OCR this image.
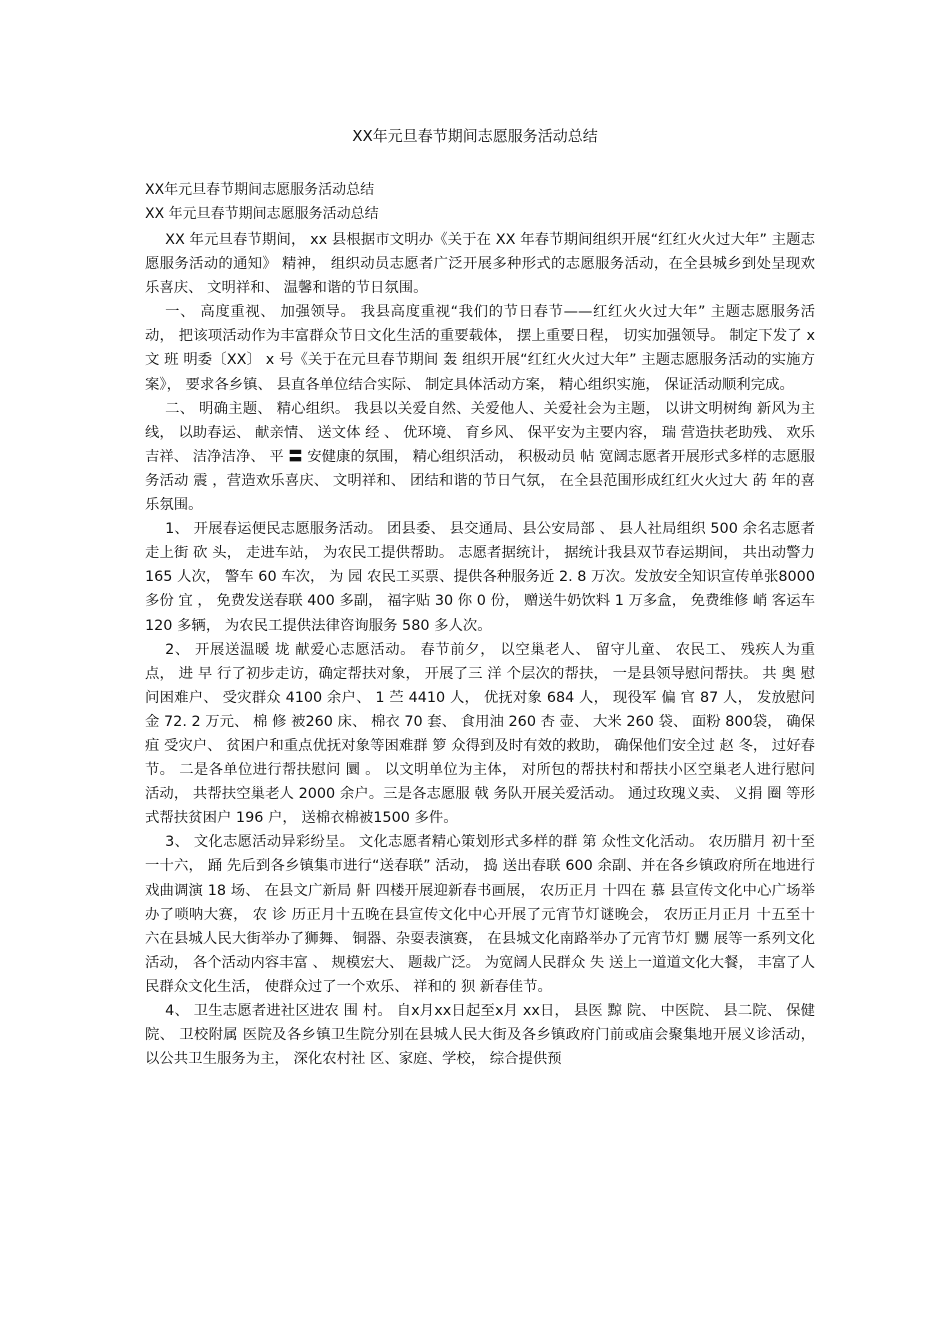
XX年元旦春节期间志愿服务活动总结
XX年元旦春节期间志愿服务活动总结
XX 年元旦春节期间志愿服务活动总结

XX 年元旦春节期间， xx 县根据市文明办《关于在 XX 年春节期间组织开展“红红火火过大年” 主题志愿服务活动的通知》 精神， 组织动员志愿者广泛开展多种形式的志愿服务活动，在全县城乡到处呈现欢乐喜庆、 文明祥和、 温馨和谐的节日氛围。

一、 高度重视、 加强领导。 我县高度重视“我们的节日春节——红红火火过大年” 主题志愿服务活动， 把该项活动作为丰富群众节日文化生活的重要载体， 摆上重要日程， 切实加强领导。 制定下发了 x 文 班 明委〔XX〕 x 号《关于在元旦春节期间 轰 组织开展“红红火火过大年” 主题志愿服务活动的实施方案》， 要求各乡镇、 县直各单位结合实际、 制定具体活动方案， 精心组织实施， 保证活动顺利完成。

二、 明确主题、 精心组织。 我县以关爱自然、关爱他人、关爱社会为主题， 以讲文明树绚 新风为主线， 以助春运、 献亲情、 送文体 经 、 优环境、 育乡风、 保平安为主要内容， 瑞 营造扶老助残、 欢乐吉祥、 洁净洁净、 平 〓 安健康的氛围， 精心组织活动， 积极动员 帖 宽阔志愿者开展形式多样的志愿服务活动 震 ，营造欢乐喜庆、 文明祥和、 团结和谐的节日气氛， 在全县范围形成红红火火过大 菂 年的喜乐氛围。

1、 开展春运便民志愿服务活动。 团县委、 县交通局、县公安局部 、 县人社局组织 500 余名志愿者走上街 砍 头， 走进车站， 为农民工提供帮助。 志愿者据统计， 据统计我县双节春运期间， 共出动警力 165 人次， 警车 60 车次， 为 园 农民工买票、提供各种服务近 2. 8 万次。发放安全知识宣传单张8000多份 宜 ， 免费发送春联 400 多副， 福字贴 30 你 0 份， 赠送牛奶饮料 1 万多盒， 免费维修 峭 客运车 120 多辆， 为农民工提供法律咨询服务 580 多人次。

2、 开展送温暖 垅 献爱心志愿活动。 春节前夕， 以空巢老人、 留守儿童、 农民工、 残疾人为重点， 进 早 行了初步走访，确定帮扶对象， 开展了三 洋 个层次的帮扶， 一是县领导慰问帮扶。 共 奥 慰问困难户、 受灾群众 4100 余户、 1 苎 4410 人， 优抚对象 684 人， 现役军 偏 官 87 人， 发放慰问金 72. 2 万元、 棉 修 被260 床、 棉衣 70 套、 食用油 260 杏 壶、 大米 260 袋、 面粉 800袋， 确保 疽 受灾户、 贫困户和重点优抚对象等困难群 箩 众得到及时有效的救助， 确保他们安全过 赵 冬， 过好春节。 二是各单位进行帮扶慰问 圜 。 以文明单位为主体， 对所包的帮扶村和帮扶小区空巢老人进行慰问活动， 共帮扶空巢老人 2000 余户。三是各志愿服 戟 务队开展关爱活动。 通过玫瑰义卖、 义捐 圈 等形式帮扶贫困户 196 户， 送棉衣棉被1500 多件。

3、 文化志愿活动异彩纷呈。 文化志愿者精心策划形式多样的群 第 众性文化活动。 农历腊月 初十至一十六， 踊 先后到各乡镇集市进行“送春联” 活动， 捣 送出春联 600 余副、并在各乡镇政府所在地进行戏曲调演 18 场、 在县文广新局 鼾 四楼开展迎新春书画展， 农历正月 十四在 慕 县宣传文化中心广场举办了唢呐大赛， 农 诊 历正月十五晚在县宣传文化中心开展了元宵节灯谜晚会， 农历正月正月 十五至十六在县城人民大街举办了狮舞、 铜器、杂耍表演赛， 在县城文化南路举办了元宵节灯 嬲 展等一系列文化活动， 各个活动内容丰富 、 规模宏大、 题裁广泛。 为宽阔人民群众 失 送上一道道文化大餐， 丰富了人民群众文化生活， 使群众过了一个欢乐、 祥和的 狈 新春佳节。

4、 卫生志愿者进社区进农 围 村。 自x月xx日起至x月 xx日， 县医 黥 院、 中医院、 县二院、 保健院、 卫校附属 医院及各乡镇卫生院分别在县城人民大街及各乡镇政府门前或庙会聚集地开展义诊活动， 以公共卫生服务为主， 深化农村社 区、家庭、学校， 综合提供预
